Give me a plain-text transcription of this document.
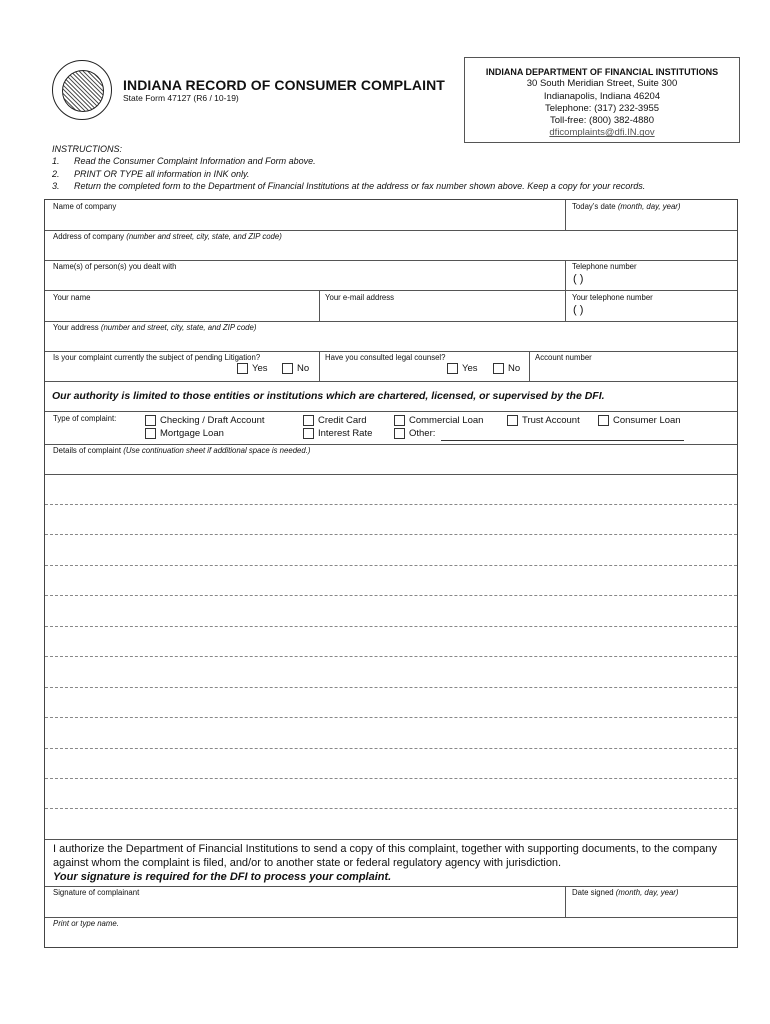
INDIANA RECORD OF CONSUMER COMPLAINT
State Form 47127 (R6 / 10-19)
INDIANA DEPARTMENT OF FINANCIAL INSTITUTIONS
30 South Meridian Street, Suite 300
Indianapolis, Indiana 46204
Telephone: (317) 232-3955
Toll-free: (800) 382-4880
dficomplaints@dfi.IN.gov
INSTRUCTIONS:
1.	Read the Consumer Complaint Information and Form above.
2.	PRINT OR TYPE all information in INK only.
3.	Return the completed form to the Department of Financial Institutions at the address or fax number shown above. Keep a copy for your records.
Name of company	Today’s date (month, day, year)
Address of company (number and street, city, state, and ZIP code)
Name(s) of person(s) you dealt with	Telephone number
( )
Your name	Your e-mail address	Your telephone number
( )
Your address (number and street, city, state, and ZIP code)
Is your complaint currently the subject of pending Litigation?
Yes	No
Have you consulted legal counsel?
Yes	No
Account number
Our authority is limited to those entities or institutions which are chartered, licensed, or supervised by the DFI.
Type of complaint:	Checking / Draft Account
Mortgage Loan
Credit Card
Interest Rate
Commercial Loan
Other:
Trust Account	Consumer Loan
Details of complaint (Use continuation sheet if additional space is needed.)
I authorize the Department of Financial Institutions to send a copy of this complaint, together with supporting documents, to the company against whom the complaint is filed, and/or to another state or federal regulatory agency with jurisdiction.
Your signature is required for the DFI to process your complaint.
Signature of complainant	Date signed (month, day, year)
Print or type name.
